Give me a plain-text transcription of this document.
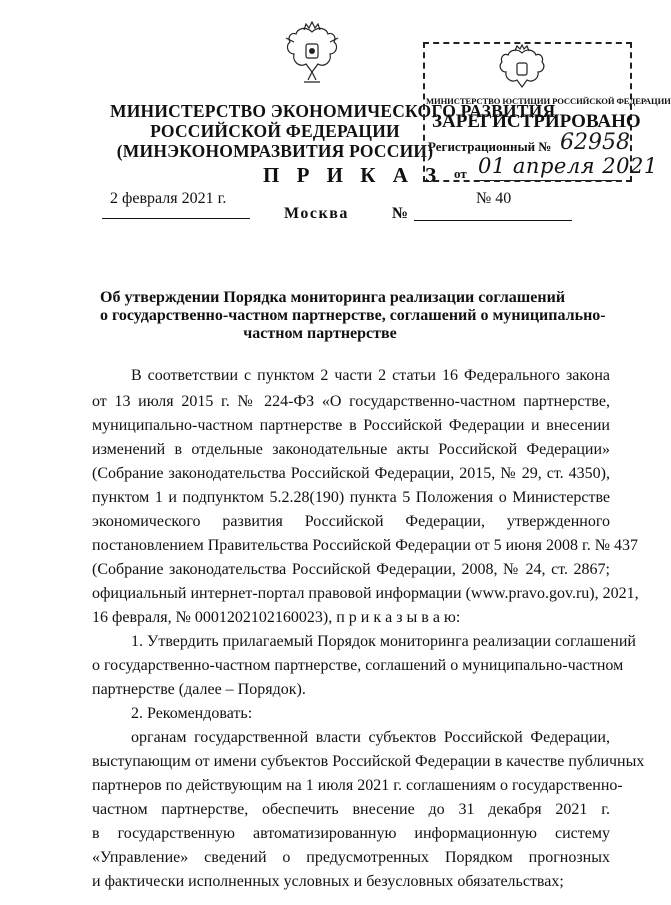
МИНИСТЕРСТВО ЭКОНОМИЧЕСКОГО РАЗВИТИЯ
РОССИЙСКОЙ ФЕДЕРАЦИИ
(МИНЭКОНОМРАЗВИТИЯ РОССИИ)
МИНИСТЕРСТВО ЮСТИЦИИ РОССИЙСКОЙ ФЕДЕРАЦИИ
ЗАРЕГИСТРИРОВАНО
Регистрационный № 62958
от 01 апреля 2021
П Р И К А З
2 февраля 2021 г.	№ 40
Москва	№
Об утверждении Порядка мониторинга реализации соглашений
о государственно-частном партнерстве, соглашений о муниципально-
частном партнерстве
В соответствии с пунктом 2 части 2 статьи 16 Федерального закона
от 13 июля 2015 г. № 224-ФЗ «О государственно-частном партнерстве,
муниципально-частном партнерстве в Российской Федерации и внесении
изменений в отдельные законодательные акты Российской Федерации»
(Собрание законодательства Российской Федерации, 2015, № 29, ст. 4350),
пунктом 1 и подпунктом 5.2.28(190) пункта 5 Положения о Министерстве
экономического развития Российской Федерации, утвержденного
постановлением Правительства Российской Федерации от 5 июня 2008 г. № 437
(Собрание законодательства Российской Федерации, 2008, № 24, ст. 2867;
официальный интернет-портал правовой информации (www.pravo.gov.ru), 2021,
16 февраля, № 0001202102160023), п р и к а з ы в а ю:
1. Утвердить прилагаемый Порядок мониторинга реализации соглашений
о государственно-частном партнерстве, соглашений о муниципально-частном
партнерстве (далее – Порядок).
2. Рекомендовать:
органам государственной власти субъектов Российской Федерации,
выступающим от имени субъектов Российской Федерации в качестве публичных
партнеров по действующим на 1 июля 2021 г. соглашениям о государственно-
частном партнерстве, обеспечить внесение до 31 декабря 2021 г.
в государственную автоматизированную информационную систему
«Управление» сведений о предусмотренных Порядком прогнозных
и фактически исполненных условных и безусловных обязательствах;
